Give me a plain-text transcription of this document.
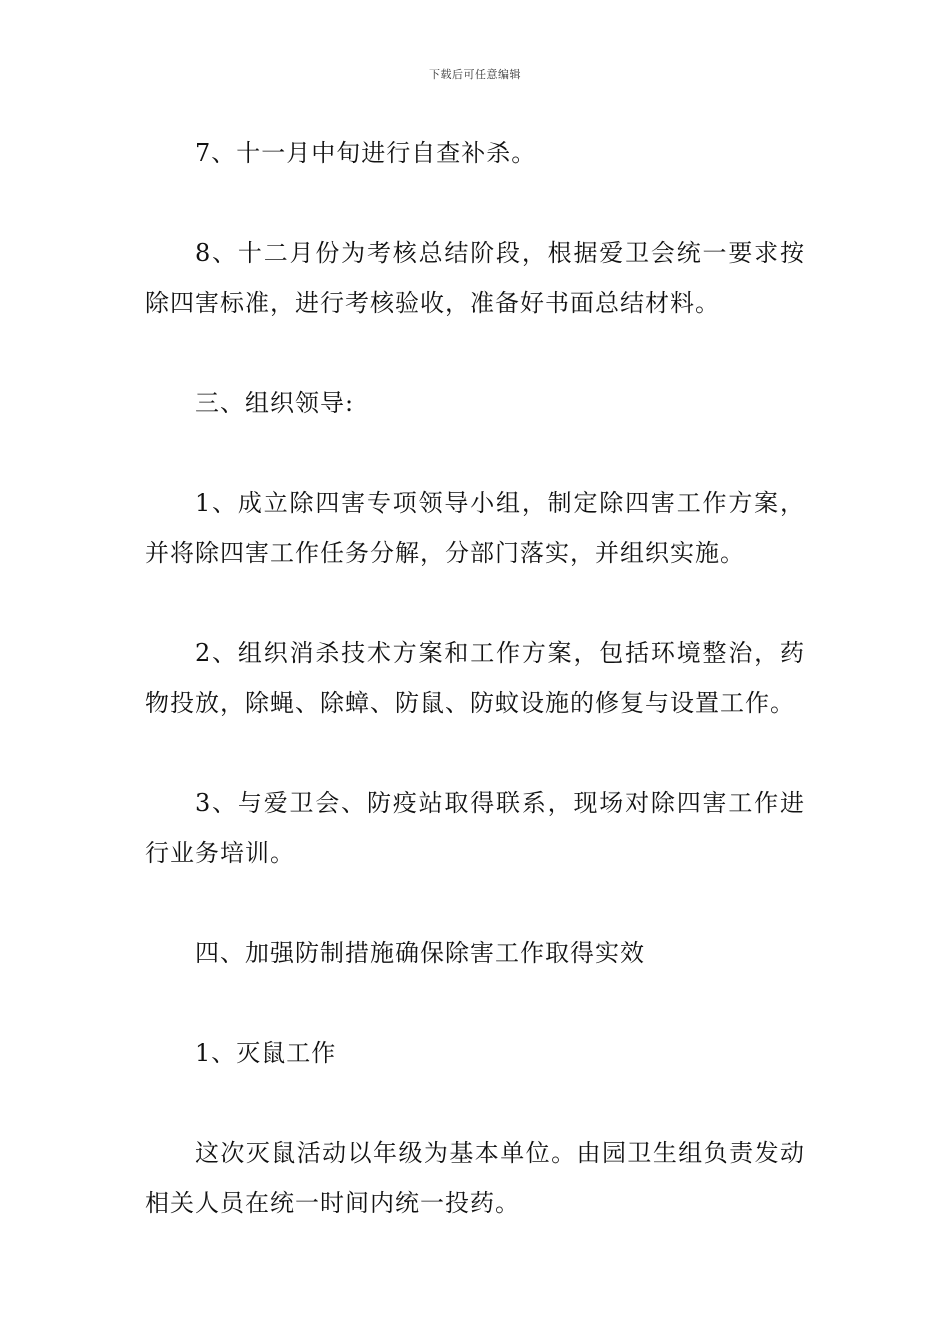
下载后可任意编辑

7、十一月中旬进行自查补杀。

8、十二月份为考核总结阶段，根据爱卫会统一要求按除四害标准，进行考核验收，准备好书面总结材料。

三、组织领导:

1、成立除四害专项领导小组，制定除四害工作方案，并将除四害工作任务分解，分部门落实，并组织实施。

2、组织消杀技术方案和工作方案，包括环境整治，药物投放，除蝇、除蟑、防鼠、防蚊设施的修复与设置工作。

3、与爱卫会、防疫站取得联系，现场对除四害工作进行业务培训。

四、加强防制措施确保除害工作取得实效

1、灭鼠工作

这次灭鼠活动以年级为基本单位。由园卫生组负责发动相关人员在统一时间内统一投药。
